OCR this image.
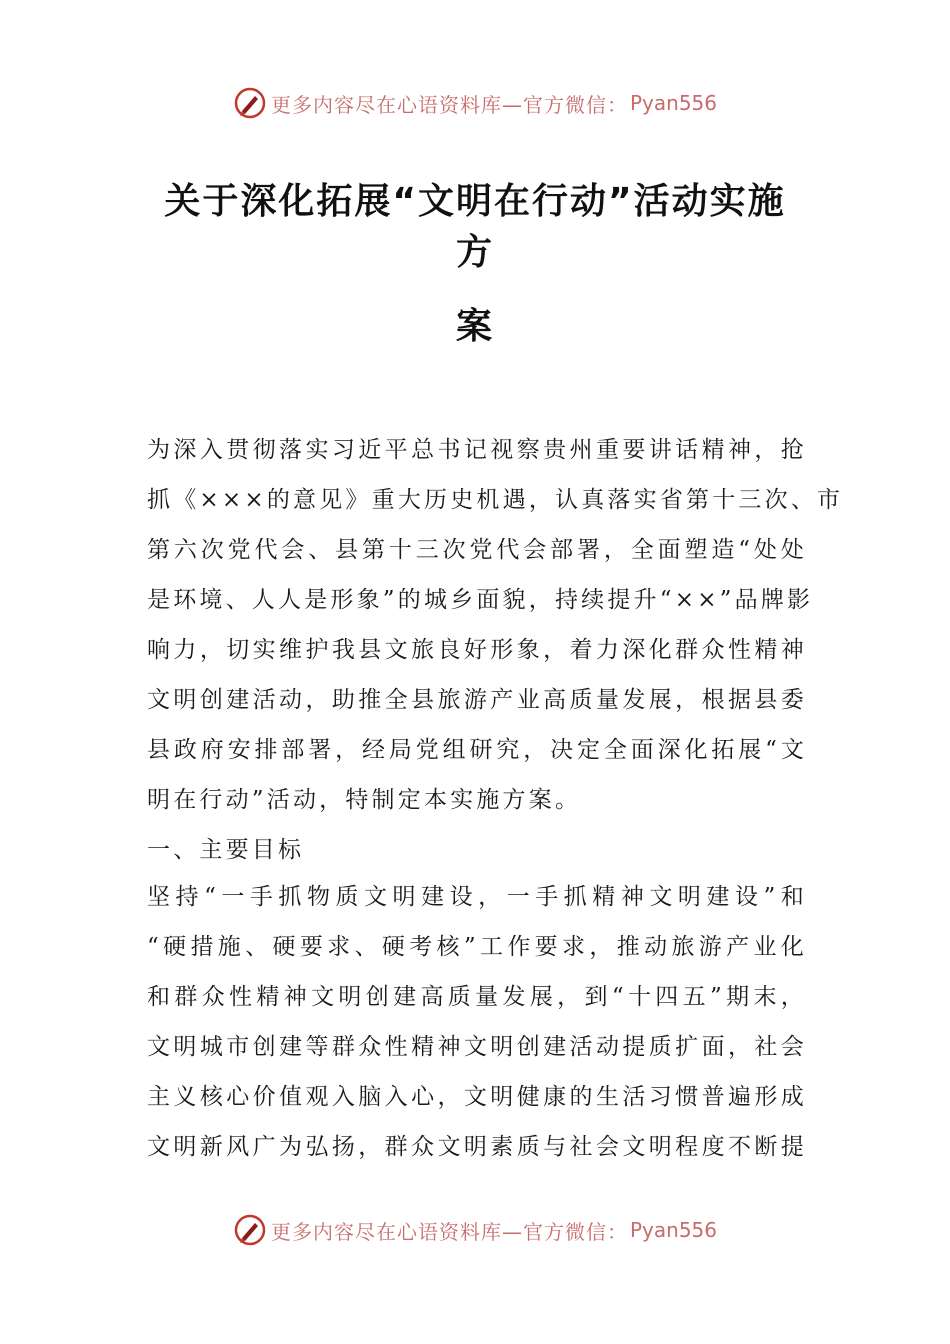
更多内容尽在心语资料库—官方微信： Pyan556
关于深化拓展“文明在行动”活动实施方
案
为深入贯彻落实习近平总书记视察贵州重要讲话精神，抢
抓《×××的意见》重大历史机遇，认真落实省第十三次、市
第六次党代会、县第十三次党代会部署，全面塑造“处处
是环境、人人是形象”的城乡面貌，持续提升“××”品牌影
响力，切实维护我县文旅良好形象，着力深化群众性精神
文明创建活动，助推全县旅游产业高质量发展，根据县委
县政府安排部署，经局党组研究，决定全面深化拓展“文
明在行动”活动，特制定本实施方案。
一、主要目标
坚持“一手抓物质文明建设，一手抓精神文明建设”和
“硬措施、硬要求、硬考核”工作要求，推动旅游产业化
和群众性精神文明创建高质量发展，到“十四五”期末，
文明城市创建等群众性精神文明创建活动提质扩面，社会
主义核心价值观入脑入心，文明健康的生活习惯普遍形成
文明新风广为弘扬，群众文明素质与社会文明程度不断提
更多内容尽在心语资料库—官方微信： Pyan556
